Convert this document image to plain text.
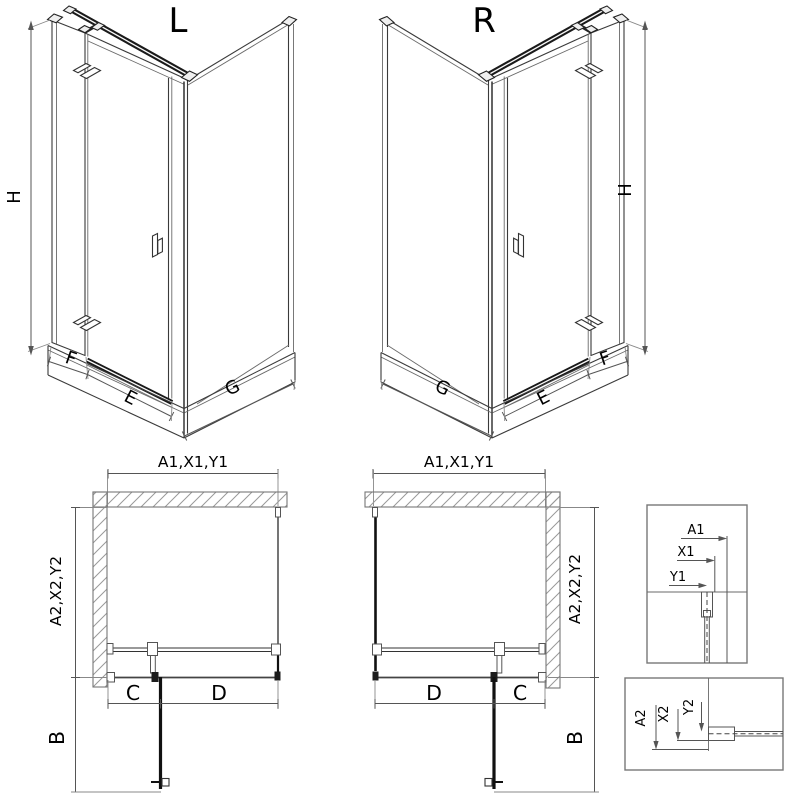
L	R
H
F
E	G
H
F
E
G
A1,X1,Y1
C	D
A2,X2,Y2
B
A1,X1,Y1
D	C
A2,X2,Y2
B
A1
X1
Y1
A2 X2 Y2
